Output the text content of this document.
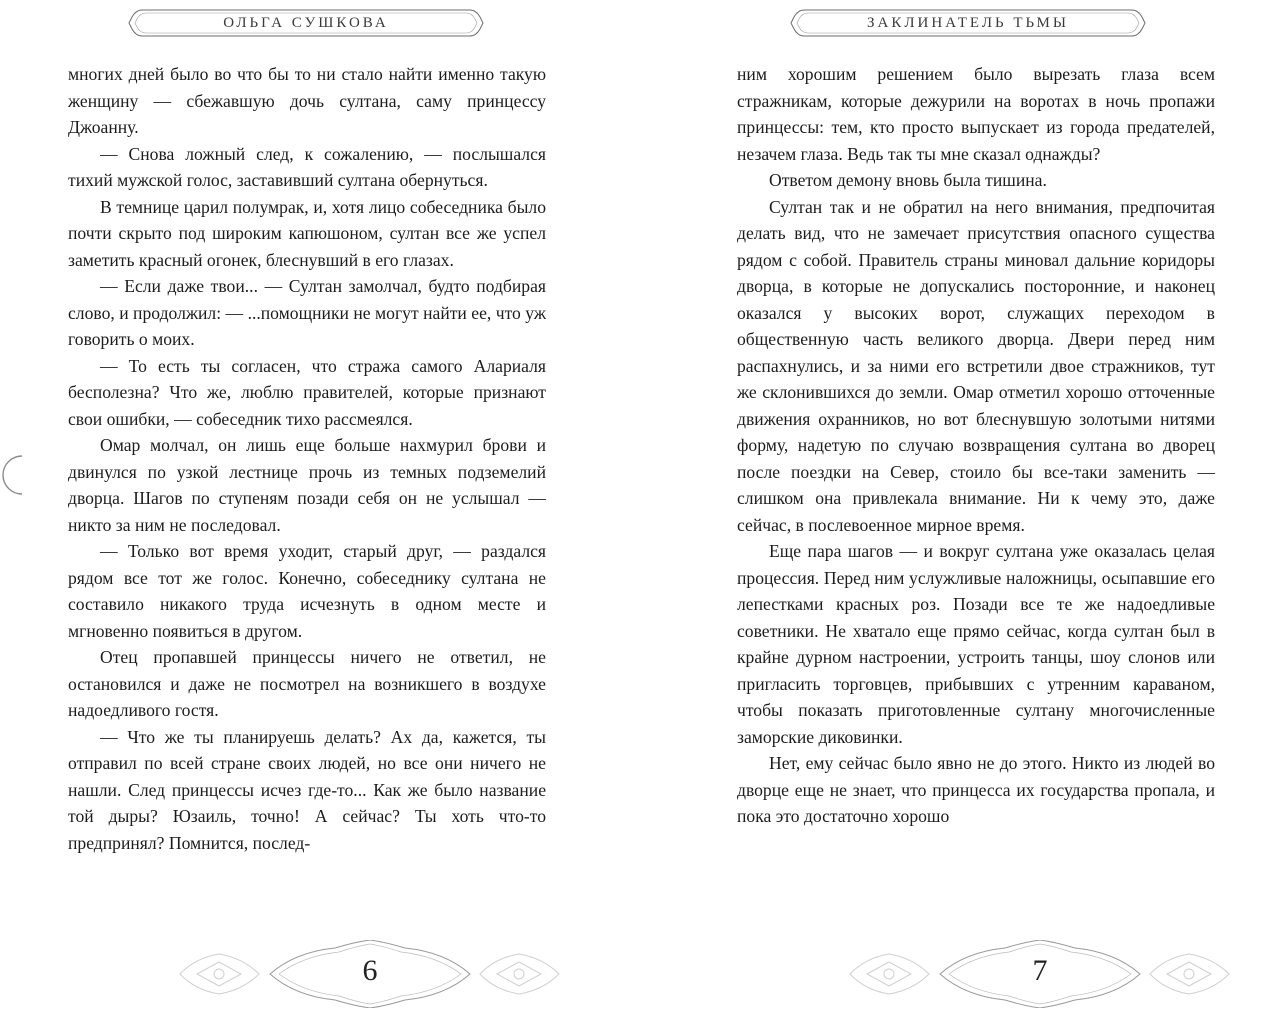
ОЛЬГА СУШКОВА

многих дней было во что бы то ни стало найти именно такую женщину — сбежавшую дочь султана, саму принцессу Джоанну.

— Снова ложный след, к сожалению, — послышался тихий мужской голос, заставивший султана обернуться.

В темнице царил полумрак, и, хотя лицо собеседника было почти скрыто под широким капюшоном, султан все же успел заметить красный огонек, блеснувший в его глазах.

— Если даже твои... — Султан замолчал, будто подбирая слово, и продолжил: — ...помощники не могут найти ее, что уж говорить о моих.

— То есть ты согласен, что стража самого Алариаля бесполезна? Что же, люблю правителей, которые признают свои ошибки, — собеседник тихо рассмеялся.

Омар молчал, он лишь еще больше нахмурил брови и двинулся по узкой лестнице прочь из темных подземелий дворца. Шагов по ступеням позади себя он не услышал — никто за ним не последовал.

— Только вот время уходит, старый друг, — раздался рядом все тот же голос. Конечно, собеседнику султана не составило никакого труда исчезнуть в одном месте и мгновенно появиться в другом.

Отец пропавшей принцессы ничего не ответил, не остановился и даже не посмотрел на возникшего в воздухе надоедливого гостя.

— Что же ты планируешь делать? Ах да, кажется, ты отправил по всей стране своих людей, но все они ничего не нашли. След принцессы исчез где-то... Как же было название той дыры? Юзаиль, точно! А сейчас? Ты хоть что-то предпринял? Помнится, послед-

6
ЗАКЛИНАТЕЛЬ ТЬМЫ

ним хорошим решением было вырезать глаза всем стражникам, которые дежурили на воротах в ночь пропажи принцессы: тем, кто просто выпускает из города предателей, незачем глаза. Ведь так ты мне сказал однажды?

Ответом демону вновь была тишина.

Султан так и не обратил на него внимания, предпочитая делать вид, что не замечает присутствия опасного существа рядом с собой. Правитель страны миновал дальние коридоры дворца, в которые не допускались посторонние, и наконец оказался у высоких ворот, служащих переходом в общественную часть великого дворца. Двери перед ним распахнулись, и за ними его встретили двое стражников, тут же склонившихся до земли. Омар отметил хорошо отточенные движения охранников, но вот блеснувшую золотыми нитями форму, надетую по случаю возвращения султана во дворец после поездки на Север, стоило бы все-таки заменить — слишком она привлекала внимание. Ни к чему это, даже сейчас, в послевоенное мирное время.

Еще пара шагов — и вокруг султана уже оказалась целая процессия. Перед ним услужливые наложницы, осыпавшие его лепестками красных роз. Позади все те же надоедливые советники. Не хватало еще прямо сейчас, когда султан был в крайне дурном настроении, устроить танцы, шоу слонов или пригласить торговцев, прибывших с утренним караваном, чтобы показать приготовленные султану многочисленные заморские диковинки.

Нет, ему сейчас было явно не до этого. Никто из людей во дворце еще не знает, что принцесса их государства пропала, и пока это достаточно хорошо

7
